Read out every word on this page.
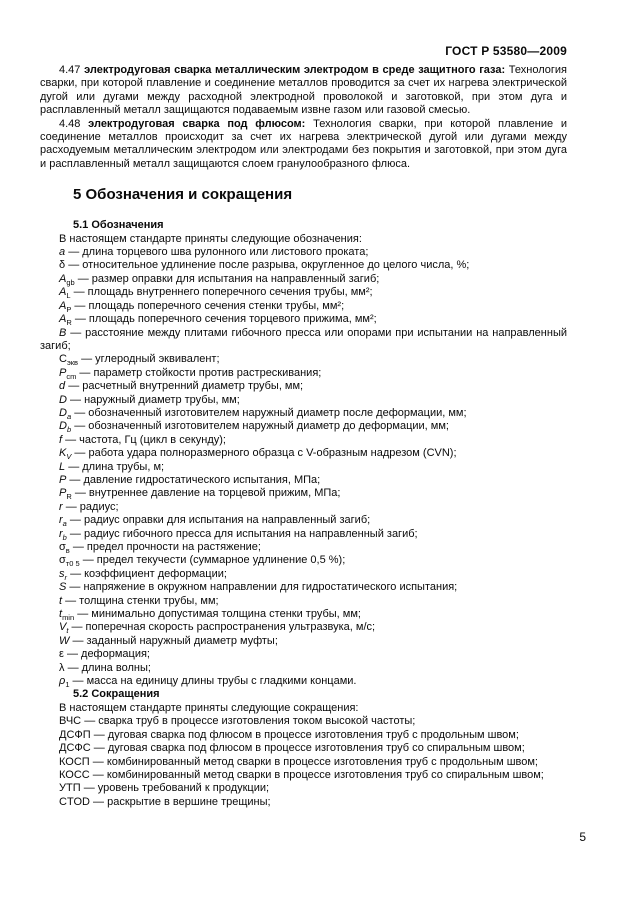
ГОСТ Р 53580—2009

4.47 электродуговая сварка металлическим электродом в среде защитного газа: Технология сварки, при которой плавление и соединение металлов проводится за счет их нагрева электрической дугой или дугами между расходной электродной проволокой и заготовкой, при этом дуга и расплавленный металл защищаются подаваемым извне газом или газовой смесью.

4.48 электродуговая сварка под флюсом: Технология сварки, при которой плавление и соединение металлов происходит за счет их нагрева электрической дугой или дугами между расходуемым металлическим электродом или электродами без покрытия и заготовкой, при этом дуга и расплавленный металл защищаются слоем гранулообразного флюса.

5 Обозначения и сокращения

5.1 Обозначения

В настоящем стандарте приняты следующие обозначения:

a — длина торцевого шва рулонного или листового проката;

δ — относительное удлинение после разрыва, округленное до целого числа, %;

$A_{gb}$ — размер оправки для испытания на направленный загиб;

$A_L$ — площадь внутреннего поперечного сечения трубы, мм²;

$A_P$ — площадь поперечного сечения стенки трубы, мм²;

$A_R$ — площадь поперечного сечения торцевого прижима, мм²;

B — расстояние между плитами гибочного пресса или опорами при испытании на направленный загиб;

$C_{экв}$ — углеродный эквивалент;

$P_{cm}$ — параметр стойкости против растрескивания;

d — расчетный внутренний диаметр трубы, мм;

D — наружный диаметр трубы, мм;

$D_a$ — обозначенный изготовителем наружный диаметр после деформации, мм;

$D_b$ — обозначенный изготовителем наружный диаметр до деформации, мм;

f — частота, Гц (цикл в секунду);

$K_V$ — работа удара полноразмерного образца с V-образным надрезом (CVN);

L — длина трубы, м;

P — давление гидростатического испытания, МПа;

$P_R$ — внутреннее давление на торцевой прижим, МПа;

r — радиус;

$r_a$ — радиус оправки для испытания на направленный загиб;

$r_b$ — радиус гибочного пресса для испытания на направленный загиб;

$\sigma_в$ — предел прочности на растяжение;

$\sigma_{т0 5}$ — предел текучести (суммарное удлинение 0,5 %);

$s_r$ — коэффициент деформации;

S — напряжение в окружном направлении для гидростатического испытания;

t — толщина стенки трубы, мм;

$t_{min}$ — минимально допустимая толщина стенки трубы, мм;

$V_t$ — поперечная скорость распространения ультразвука, м/с;

W — заданный наружный диаметр муфты;

ε — деформация;

λ — длина волны;

$\rho_1$ — масса на единицу длины трубы с гладкими концами.

5.2 Сокращения

В настоящем стандарте приняты следующие сокращения:

ВЧС — сварка труб в процессе изготовления током высокой частоты;

ДСФП — дуговая сварка под флюсом в процессе изготовления труб с продольным швом;

ДСФС — дуговая сварка под флюсом в процессе изготовления труб со спиральным швом;

КОСП — комбинированный метод сварки в процессе изготовления труб с продольным швом;

КОСС — комбинированный метод сварки в процессе изготовления труб со спиральным швом;

УТП — уровень требований к продукции;

CTOD — раскрытие в вершине трещины;

5
